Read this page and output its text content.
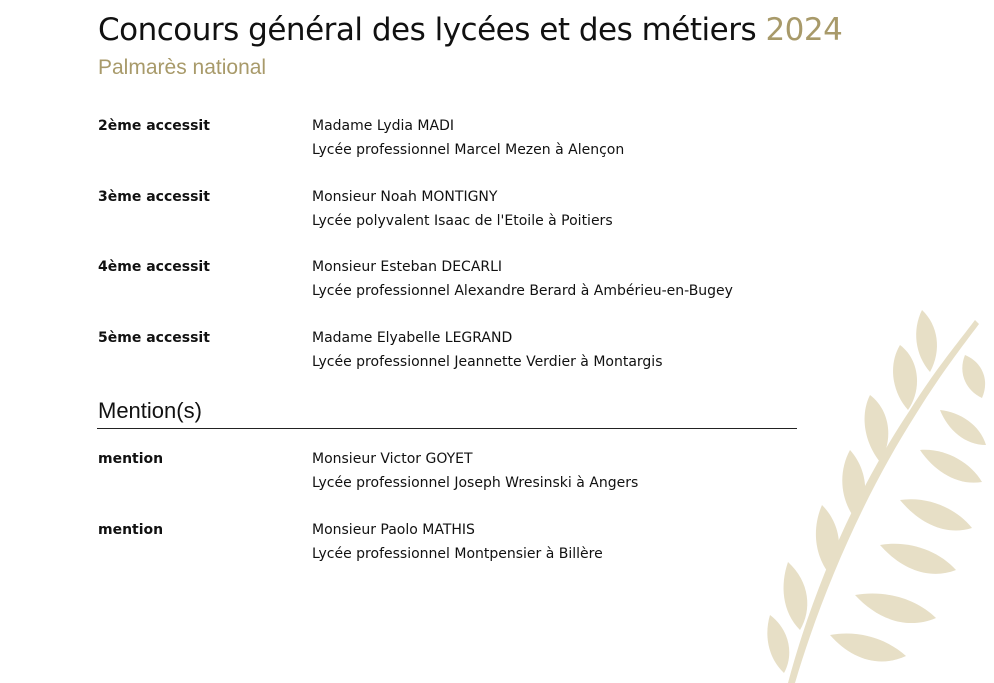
Concours général des lycées et des métiers 2024
Palmarès national
2ème accessit	Madame Lydia MADI
Lycée professionnel Marcel Mezen à Alençon
3ème accessit	Monsieur Noah MONTIGNY
Lycée polyvalent Isaac de l'Etoile à Poitiers
4ème accessit	Monsieur Esteban DECARLI
Lycée professionnel Alexandre Berard à Ambérieu-en-Bugey
5ème accessit	Madame Elyabelle LEGRAND
Lycée professionnel Jeannette Verdier à Montargis
Mention(s)
mention	Monsieur Victor GOYET
Lycée professionnel Joseph Wresinski à Angers
mention	Monsieur Paolo MATHIS
Lycée professionnel Montpensier à Billère
